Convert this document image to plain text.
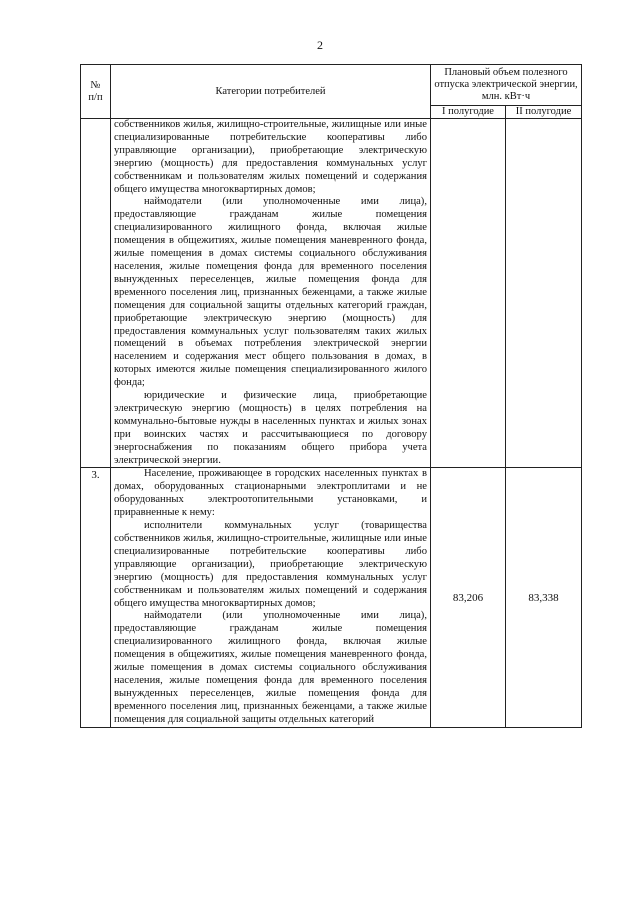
2
№
п/п	Категории потребителей	Плановый объем полезного отпуска электрической энергии, млн. кВт·ч	
		I полугодие	II полугодие

	собственников жилья, жилищно-строительные, жилищные или иные специализированные потребительские кооперативы либо управляющие организации), приобретающие электрическую энергию (мощность) для предоставления коммунальных услуг собственникам и пользователям жилых помещений и содержания общего имущества многоквартирных домов;

наймодатели (или уполномоченные ими лица), предоставляющие гражданам жилые помещения специализированного жилищного фонда, включая жилые помещения в общежитиях, жилые помещения маневренного фонда, жилые помещения в домах системы социального обслуживания населения, жилые помещения фонда для временного поселения вынужденных переселенцев, жилые помещения фонда для временного поселения лиц, признанных беженцами, а также жилые помещения для социальной защиты отдельных категорий граждан, приобретающие электрическую энергию (мощность) для предоставления коммунальных услуг пользователям таких жилых помещений в объемах потребления электрической энергии населением и содержания мест общего пользования в домах, в которых имеются жилые помещения специализированного жилого фонда;

юридические и физические лица, приобретающие электрическую энергию (мощность) в целях потребления на коммунально-бытовые нужды в населенных пунктах и жилых зонах при воинских частях и рассчитывающиеся по договору энергоснабжения по показаниям общего прибора учета электрической энергии.		

3.	Население, проживающее в городских населенных пунктах в домах, оборудованных стационарными электроплитами и не оборудованных электроотопительными установками, и приравненные к нему:

исполнители коммунальных услуг (товарищества собственников жилья, жилищно-строительные, жилищные или иные специализированные потребительские кооперативы либо управляющие организации), приобретающие электрическую энергию (мощность) для предоставления коммунальных услуг собственникам и пользователям жилых помещений и содержания общего имущества многоквартирных домов;

наймодатели (или уполномоченные ими лица), предоставляющие гражданам жилые помещения специализированного жилищного фонда, включая жилые помещения в общежитиях, жилые помещения маневренного фонда, жилые помещения в домах системы социального обслуживания населения, жилые помещения фонда для временного поселения вынужденных переселенцев, жилые помещения фонда для временного поселения лиц, признанных беженцами, а также жилые помещения для социальной защиты отдельных категорий	83,206	83,338
